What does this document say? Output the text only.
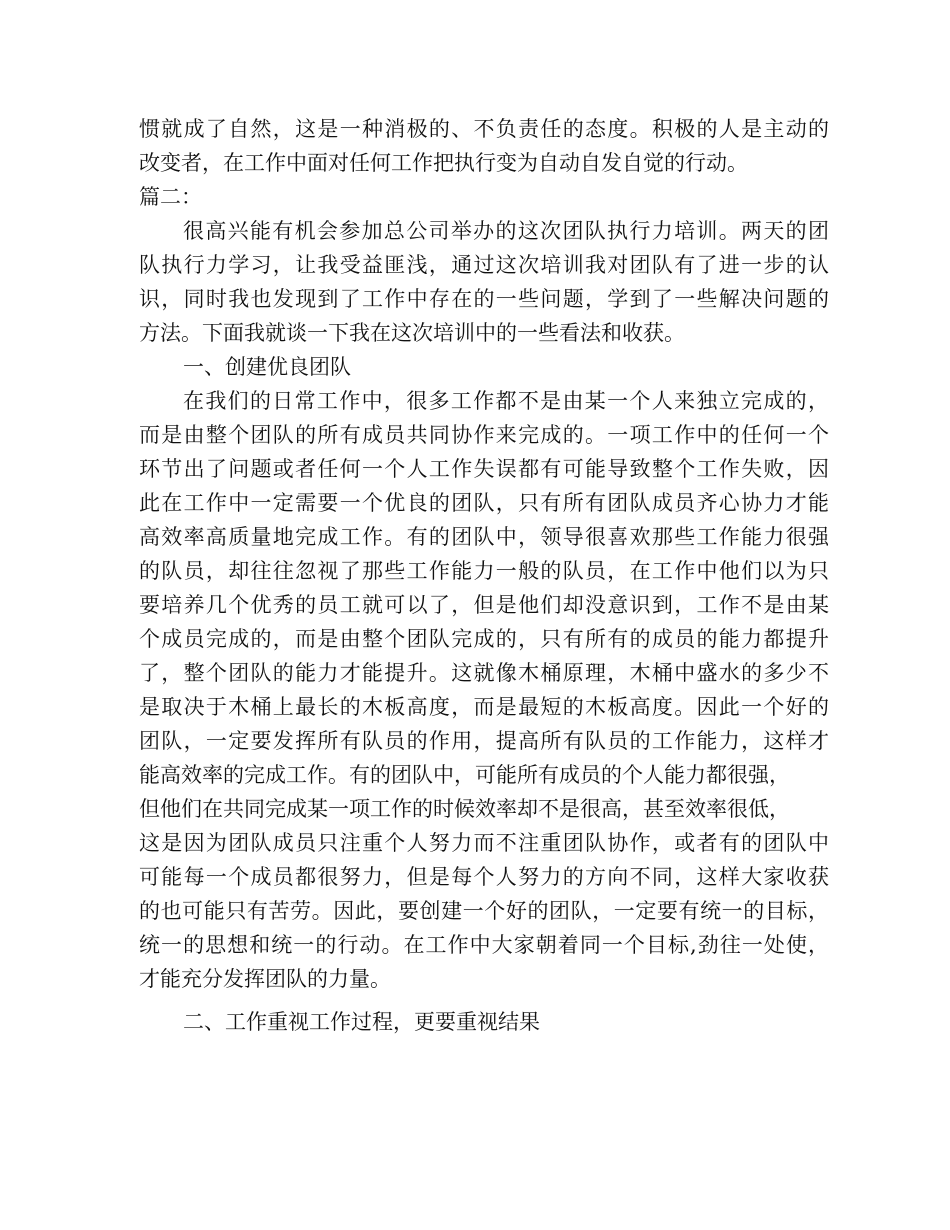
惯就成了自然，这是一种消极的、不负责任的态度。积极的人是主动的
改变者，在工作中面对任何工作把执行变为自动自发自觉的行动。
篇二：
很高兴能有机会参加总公司举办的这次团队执行力培训。两天的团
队执行力学习，让我受益匪浅，通过这次培训我对团队有了进一步的认
识，同时我也发现到了工作中存在的一些问题，学到了一些解决问题的
方法。下面我就谈一下我在这次培训中的一些看法和收获。
一、创建优良团队
在我们的日常工作中，很多工作都不是由某一个人来独立完成的，
而是由整个团队的所有成员共同协作来完成的。一项工作中的任何一个
环节出了问题或者任何一个人工作失误都有可能导致整个工作失败，因
此在工作中一定需要一个优良的团队，只有所有团队成员齐心协力才能
高效率高质量地完成工作。有的团队中，领导很喜欢那些工作能力很强
的队员，却往往忽视了那些工作能力一般的队员，在工作中他们以为只
要培养几个优秀的员工就可以了，但是他们却没意识到，工作不是由某
个成员完成的，而是由整个团队完成的，只有所有的成员的能力都提升
了，整个团队的能力才能提升。这就像木桶原理，木桶中盛水的多少不
是取决于木桶上最长的木板高度，而是最短的木板高度。因此一个好的
团队，一定要发挥所有队员的作用，提高所有队员的工作能力，这样才
能高效率的完成工作。有的团队中，可能所有成员的个人能力都很强，
但他们在共同完成某一项工作的时候效率却不是很高，甚至效率很低，
这是因为团队成员只注重个人努力而不注重团队协作，或者有的团队中
可能每一个成员都很努力，但是每个人努力的方向不同，这样大家收获
的也可能只有苦劳。因此，要创建一个好的团队，一定要有统一的目标，
统一的思想和统一的行动。在工作中大家朝着同一个目标,劲往一处使，
才能充分发挥团队的力量。
二、工作重视工作过程，更要重视结果
